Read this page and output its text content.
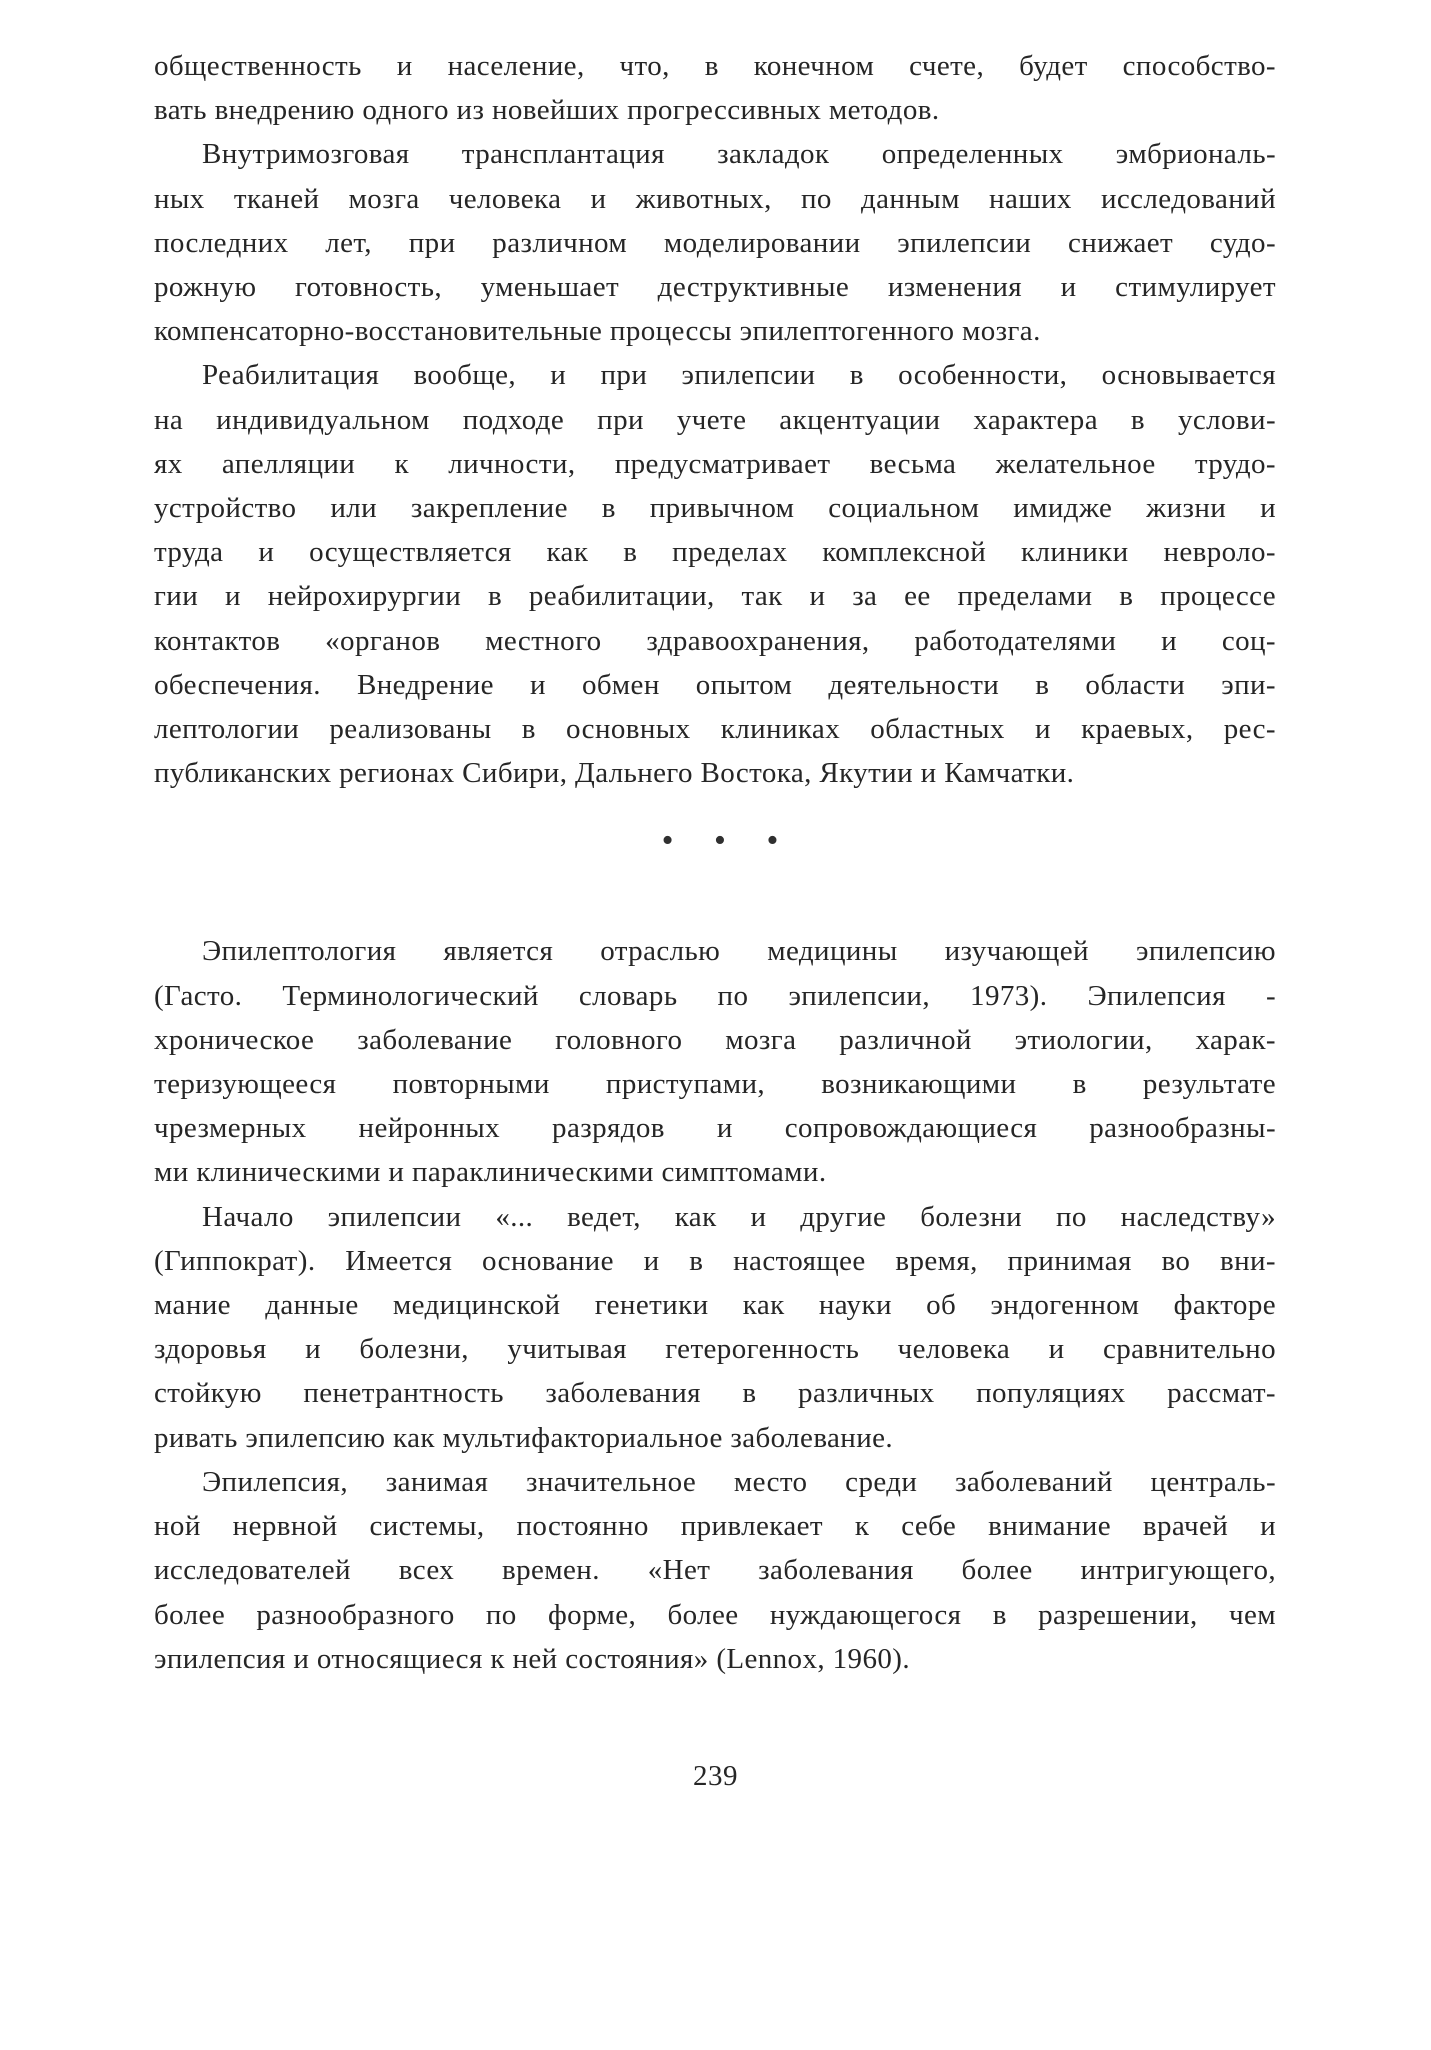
общественность и население, что, в конечном счете, будет способство-
вать внедрению одного из новейших прогрессивных методов.

Внутримозговая трансплантация закладок определенных эмбриональ-
ных тканей мозга человека и животных, по данным наших исследований
последних лет, при различном моделировании эпилепсии снижает судо-
рожную готовность, уменьшает деструктивные изменения и стимулирует
компенсаторно-восстановительные процессы эпилептогенного мозга.

Реабилитация вообще, и при эпилепсии в особенности, основывается
на индивидуальном подходе при учете акцентуации характера в услови-
ях апелляции к личности, предусматривает весьма желательное трудо-
устройство или закрепление в привычном социальном имидже жизни и
труда и осуществляется как в пределах комплексной клиники невроло-
гии и нейрохирургии в реабилитации, так и за ее пределами в процессе
контактов «органов местного здравоохранения, работодателями и соц-
обеспечения. Внедрение и обмен опытом деятельности в области эпи-
лептологии реализованы в основных клиниках областных и краевых, рес-
публиканских регионах Сибири, Дальнего Востока, Якутии и Камчатки.

• • •

Эпилептология является отраслью медицины изучающей эпилепсию
(Гасто. Терминологический словарь по эпилепсии, 1973). Эпилепсия -
хроническое заболевание головного мозга различной этиологии, харак-
теризующееся повторными приступами, возникающими в результате
чрезмерных нейронных разрядов и сопровождающиеся разнообразны-
ми клиническими и параклиническими симптомами.

Начало эпилепсии «... ведет, как и другие болезни по наследству»
(Гиппократ). Имеется основание и в настоящее время, принимая во вни-
мание данные медицинской генетики как науки об эндогенном факторе
здоровья и болезни, учитывая гетерогенность человека и сравнительно
стойкую пенетрантность заболевания в различных популяциях рассмат-
ривать эпилепсию как мультифакториальное заболевание.

Эпилепсия, занимая значительное место среди заболеваний централь-
ной нервной системы, постоянно привлекает к себе внимание врачей и
исследователей всех времен. «Нет заболевания более интригующего,
более разнообразного по форме, более нуждающегося в разрешении, чем
эпилепсия и относящиеся к ней состояния» (Lennox, 1960).

239
